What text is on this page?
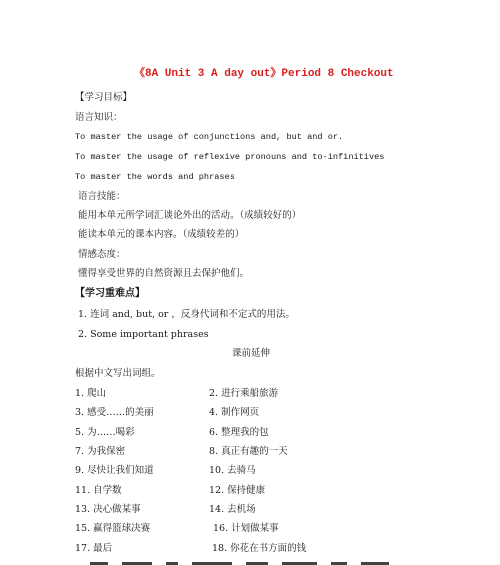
《8A Unit 3 A day out》Period 8 Checkout
【学习目标】
语言知识：
To master the usage of conjunctions and, but and or.
To master the usage of reflexive pronouns and to-infinitives
To master the words and phrases
语言技能：
能用本单元所学词汇谈论外出的活动。（成绩较好的）
能读本单元的课本内容。（成绩较差的）
情感态度：
懂得享受世界的自然资源且去保护他们。
【学习重难点】
1. 连词 and, but, or ，反身代词和不定式的用法。
2. Some important phrases
课前延伸
根据中文写出词组。
1. 爬山	2. 进行乘船旅游
3. 感受……的美丽	4. 制作网页
5. 为……喝彩	6. 整理我的包
7. 为我保密	8. 真正有趣的一天
9. 尽快让我们知道	10. 去骑马
11. 自学数	12. 保持健康
13. 决心做某事	14. 去机场
15. 赢得篮球决赛	16. 计划做某事
17. 最后	18. 你花在书方面的钱
